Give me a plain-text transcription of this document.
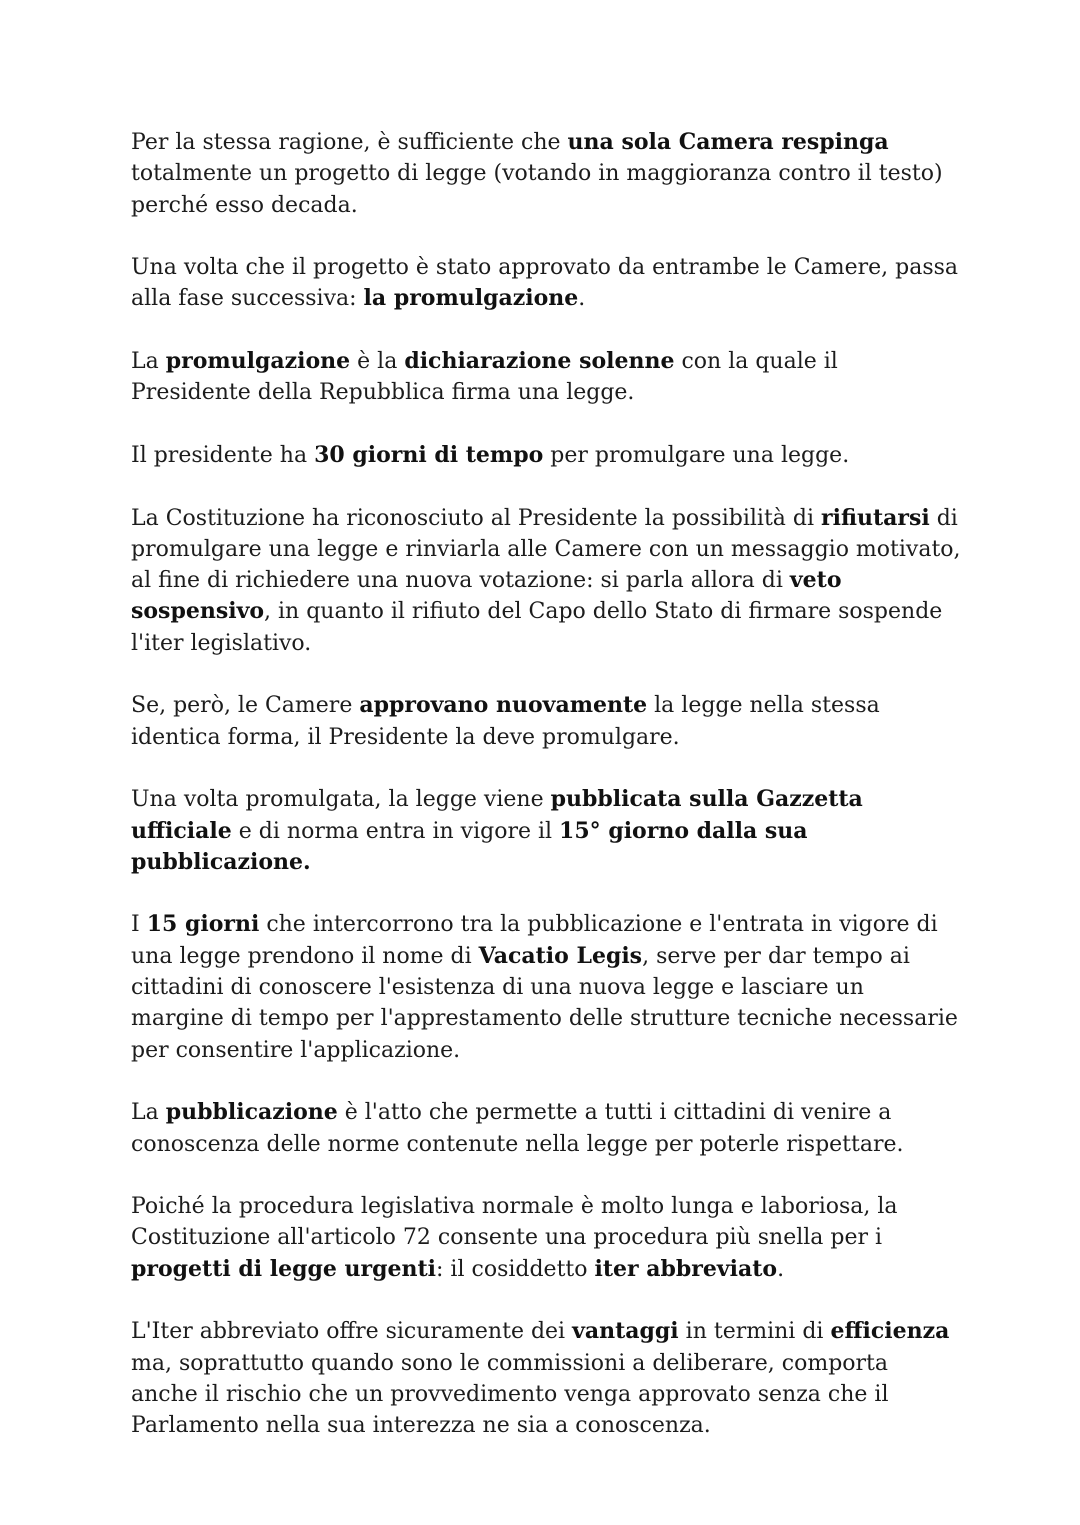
Per la stessa ragione, è sufficiente che una sola Camera respinga totalmente un progetto di legge (votando in maggioranza contro il testo) perché esso decada.

Una volta che il progetto è stato approvato da entrambe le Camere, passa alla fase successiva: la promulgazione.

La promulgazione è la dichiarazione solenne con la quale il Presidente della Repubblica firma una legge.

Il presidente ha 30 giorni di tempo per promulgare una legge.

La Costituzione ha riconosciuto al Presidente la possibilità di rifiutarsi di promulgare una legge e rinviarla alle Camere con un messaggio motivato, al fine di richiedere una nuova votazione: si parla allora di veto sospensivo, in quanto il rifiuto del Capo dello Stato di firmare sospende l'iter legislativo.

Se, però, le Camere approvano nuovamente la legge nella stessa identica forma, il Presidente la deve promulgare.

Una volta promulgata, la legge viene pubblicata sulla Gazzetta ufficiale e di norma entra in vigore il 15° giorno dalla sua pubblicazione.

I 15 giorni che intercorrono tra la pubblicazione e l'entrata in vigore di una legge prendono il nome di Vacatio Legis, serve per dar tempo ai cittadini di conoscere l'esistenza di una nuova legge e lasciare un margine di tempo per l'apprestamento delle strutture tecniche necessarie per consentire l'applicazione.

La pubblicazione è l'atto che permette a tutti i cittadini di venire a conoscenza delle norme contenute nella legge per poterle rispettare.

Poiché la procedura legislativa normale è molto lunga e laboriosa, la Costituzione all'articolo 72 consente una procedura più snella per i progetti di legge urgenti: il cosiddetto iter abbreviato.

L'Iter abbreviato offre sicuramente dei vantaggi in termini di efficienza ma, soprattutto quando sono le commissioni a deliberare, comporta anche il rischio che un provvedimento venga approvato senza che il Parlamento nella sua interezza ne sia a conoscenza.
